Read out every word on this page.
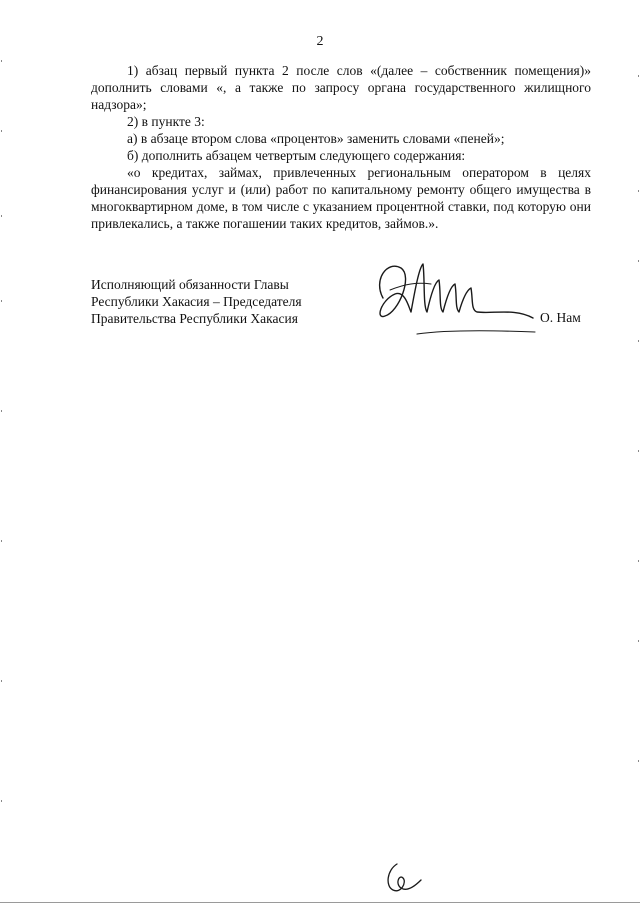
2

1) абзац первый пункта 2 после слов «(далее – собственник помещения)» дополнить словами «, а также по запросу органа государственного жилищного надзора»;

2) в пункте 3:

а) в абзаце втором слова «процентов» заменить словами «пеней»;

б) дополнить абзацем четвертым следующего содержания:

«о кредитах, займах, привлеченных региональным оператором в целях финансирования услуг и (или) работ по капитальному ремонту общего имущества в многоквартирном доме, в том числе с указанием процентной ставки, под которую они привлекались, а также погашении таких кредитов, займов.».

Исполняющий обязанности Главы
Республики Хакасия – Председателя
Правительства Республики Хакасия	О. Нам
